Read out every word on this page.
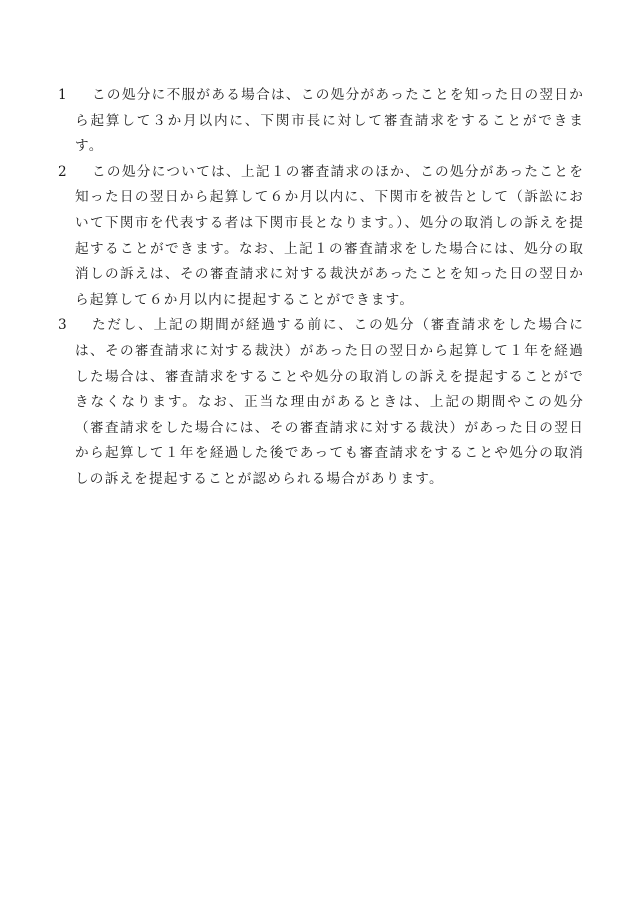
1	この処分に不服がある場合は、この処分があったことを知った日の翌日から起算して３か月以内に、下関市長に対して審査請求をすることができます。
2	この処分については、上記１の審査請求のほか、この処分があったことを知った日の翌日から起算して６か月以内に、下関市を被告として（訴訟において下関市を代表する者は下関市長となります。）、処分の取消しの訴えを提起することができます。なお、上記１の審査請求をした場合には、処分の取消しの訴えは、その審査請求に対する裁決があったことを知った日の翌日から起算して６か月以内に提起することができます。
3	ただし、上記の期間が経過する前に、この処分（審査請求をした場合には、その審査請求に対する裁決）があった日の翌日から起算して１年を経過した場合は、審査請求をすることや処分の取消しの訴えを提起することができなくなります。なお、正当な理由があるときは、上記の期間やこの処分（審査請求をした場合には、その審査請求に対する裁決）があった日の翌日から起算して１年を経過した後であっても審査請求をすることや処分の取消しの訴えを提起することが認められる場合があります。
